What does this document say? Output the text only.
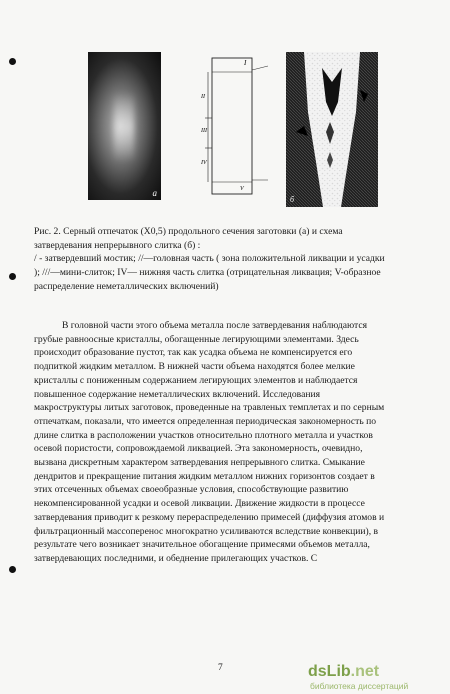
а
I
II
III
IV
V
б
Рис. 2. Серный отпечаток (Х0,5) продольного сечения заготовки (а) и схема
затвердевания непрерывного слитка (б) :
/ - затвердевший мостик; //—головная часть ( зона положительной ликвации и усадки
); ///—мини-слиток; IV— нижняя часть слитка (отрицательная ликвация; V-образное
распределение неметаллических включений)
В головной части этого объема металла после затвердевания наблюдаются
грубые равноосные кристаллы, обогащенные легирующими элементами. Здесь
происходит образование пустот, так как усадка объема не компенсируется его
подпиткой жидким металлом. В нижней части объема находятся более мелкие
кристаллы с пониженным содержанием легирующих элементов и наблюдается
повышенное содержание неметаллических включений. Исследования
макроструктуры литых заготовок, проведенные на травленых темплетах и по серным
отпечаткам, показали, что имеется определенная периодическая закономерность по
длине слитка в расположении участков относительно плотного металла и участков
осевой пористости, сопровождаемой ликвацией. Эта закономерность, очевидно,
вызвана дискретным характером затвердевания непрерывного слитка. Смыкание
дендритов и прекращение питания жидким металлом нижних горизонтов создает в
этих отсеченных объемах своеобразные условия, способствующие развитию
некомпенсированной усадки и осевой ликвации. Движение жидкости в процессе
затвердевания приводит к резкому перераспределению примесей (диффузия атомов и
фильтрационный массоперенос многократно усиливаются вследствие конвекции), в
результате чего возникает значительное обогащение примесями объемов металла,
затвердевающих последними, и обеднение прилегающих участков. С
7	dsLib.net
библиотека диссертаций
